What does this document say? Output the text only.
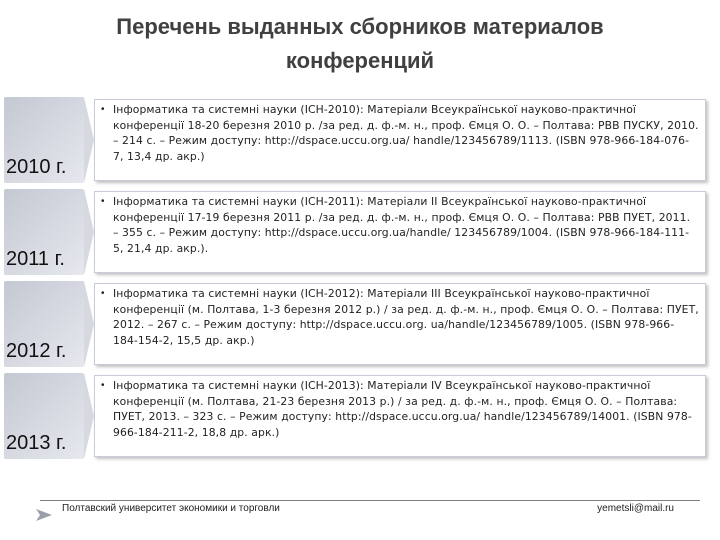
Перечень выданных сборников материалов
конференций
2010 г.
• Інформатика та системні науки (ІСН-2010): Матеріали Всеукраїнської науково-практичної конференції 18-20 березня 2010 р. /за ред. д. ф.-м. н., проф. Ємця О. О. – Полтава: РВВ ПУСКУ, 2010. – 214 с. – Режим доступу: http://dspace.uccu.org.ua/ handle/123456789/1113. (ISBN 978-966-184-076-7, 13,4 др. акр.)
2011 г.
• Інформатика та системні науки (ІСН-2011): Матеріали ІІ Всеукраїнської науково-практичної конференції 17-19 березня 2011 р. /за ред. д. ф.-м. н., проф. Ємця О. О. – Полтава: РВВ ПУЕТ, 2011. – 355 с. – Режим доступу: http://dspace.uccu.org.ua/handle/ 123456789/1004. (ISBN 978-966-184-111-5, 21,4 др. акр.).
2012 г.
• Інформатика та системні науки (ІСН-2012): Матеріали ІІІ Всеукраїнської науково-практичної конференції (м. Полтава, 1-3 березня 2012 р.) / за ред. д. ф.-м. н., проф. Ємця О. О. – Полтава: ПУЕТ, 2012. – 267 с. – Режим доступу: http://dspace.uccu.org. ua/handle/123456789/1005. (ISBN 978-966-184-154-2, 15,5 др. акр.)
2013 г.
• Інформатика та системні науки (ІСН-2013): Матеріали IV Всеукраїнської науково-практичної конференції (м. Полтава, 21-23 березня 2013 р.) / за ред. д. ф.-м. н., проф. Ємця О. О. – Полтава: ПУЕТ, 2013. – 323 с. – Режим доступу: http://dspace.uccu.org.ua/ handle/123456789/14001. (ISBN 978-966-184-211-2, 18,8 др. арк.)
Полтавский университет экономики и торговли	yemetsli@mail.ru
